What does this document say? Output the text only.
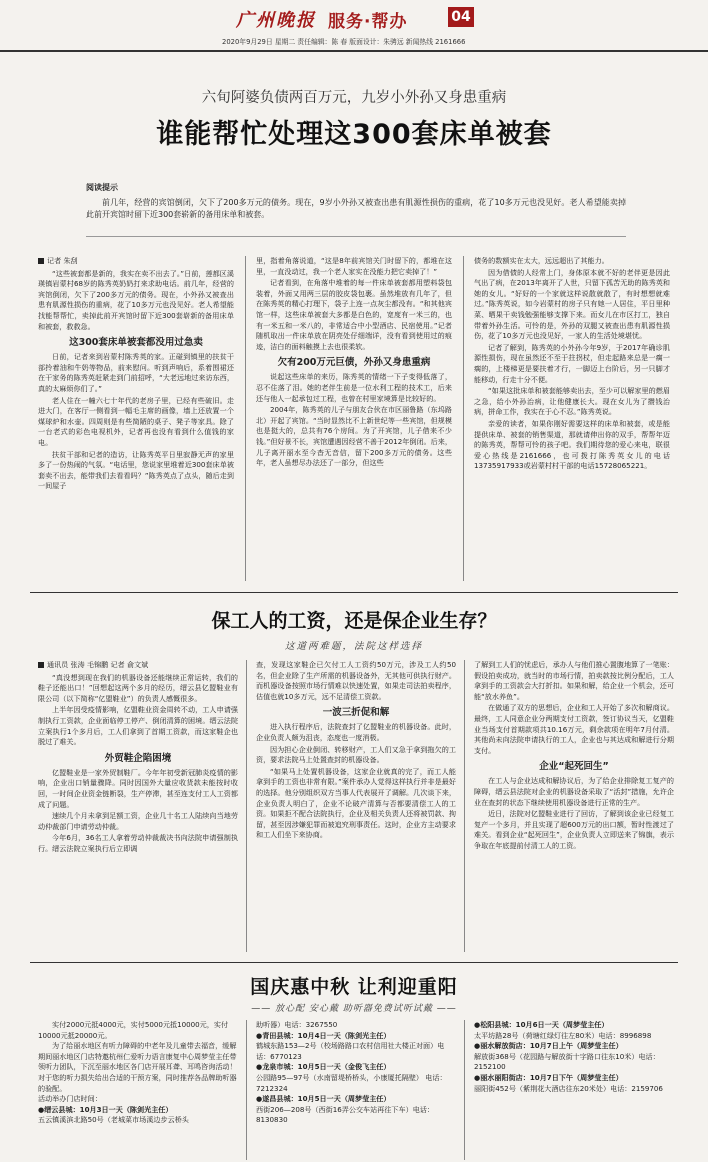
广州晚报 服务·帮办	04
2020年9月29日 星期二 责任编辑：陈 春 版面设计：朱骋远 新闻热线 2161666
六旬阿婆负债两百万元，九岁小外孙又身患重病
谁能帮忙处理这300套床单被套
阅读提示
前几年，经营的宾馆倒闭，欠下了200多万元的债务。现在，9岁小外孙又被查出患有肌源性损伤的重病，花了10多万元也没见好。老人希望能卖掉此前开宾馆时留下近300套崭新的备用床单和被套。

记者 朱刮

“这些被套都是新的，我实在卖不出去了。”日前，莲都区溪瑛镇岩蒙村68岁的陈秀英奶奶打来求助电话。前几年，经营的宾馆倒闭，欠下了200多万元的债务。现在，小外孙又被查出患有肌源性损伤的重病，花了10多万元也没见好。老人希望能找能帮帮忙，卖掉此前开宾馆时留下近300套崭新的备用床单和被套，救救急。

这300套床单被套都没用过急卖

日前，记者来到岩蒙村陈秀英的家。正碰到镇里的扶贫干部拎着油和牛奶等物品，前来慰问。听到声响后，系着围裙还在干家务的陈秀英赶紧走到门前招呼，“大老远地过来访东西，真的太麻烦你们了。”

老人住在一幢六七十年代的老房子里，已经有些破旧。走进大门，在客厅一侧看到一幅毛主席的画像，墙上还放置一个煤球炉和水壶。四周则是有些简陋的桌子、凳子等家具。除了一台老式的彩色电视机外，记者再也没有看到什么值钱的家电。

扶贫干部和记者的造访，让陈秀英平日里寂静无声的家里多了一份热闹的气氛。“电话里，您说家里堆着近300套床单被套卖不出去，能带我们去看看吗？”陈秀英点了点头，随后走到一间屋子

里，指着角落说道，“这是8年前宾馆关门时留下的，都堆在这里，一直没动过，我一个老人家实在没能力把它卖掉了！”

记者看到，在角落中堆着的每一件床单被套都用塑料袋包装着，外面又用两三层的胶皮袋包裹。虽然堆放有几年了，但在陈秀英的精心打理下，袋子上连一点灰尘都没有。“和其他宾馆一样，这些床单被套大多都是白色的，宽度有一米三的，也有一米五和一米八的，非常适合中小型酒店、民宿使用。”记者随机取出一件床单放在阴亮处仔细端详，没有看到使用过的痕迹，洁白的面料触摸上去也很柔软。

欠有200万元巨债，外孙又身患重病

说起这些床单的来历，陈秀英的情绪一下子变得低落了，忍不住落了泪。她的老伴生前是一位水利工程的技术工，后来还与他人一起承包过工程，也曾在村里家境算是比较好的。

2004年，陈秀英的儿子与朋友合伙在市区丽鲁路（东坞路北）开起了宾馆。“当时显然比不上新世纪等一些宾馆，但规模也是挺大的，总共有76个房间。为了开宾馆，儿子借来不少钱。”但好景不长，宾馆遭遇因经营不善于2012年倒闭。后来，儿子离开丽水至今杳无音信，留下200多万元的债务。这些年，老人虽想尽办法还了一部分，但这些

债务的数额实在太大，远远超出了其能力。

因为借债的人经常上门，身体原本就不好的老伴更是因此气出了病，在2013年离开了人世，只留下孤苦无助的陈秀英和她的女儿。“好好的一个家就这样说散就散了，有时想想就难过。”陈秀英说，如今岩蒙村的房子只有她一人居住，平日里种菜、晒果干卖钱勉强能够支撑下来。而女儿在市区打工，独自带着外孙生活。可怜的是，外孙的双腿又被查出患有肌源性损伤，花了10多万元也没见好，一家人的生活处境堪忧。

记者了解到，陈秀英的小外孙今年9岁，于2017年确诊肌源性损伤，现在虽然还不至于拄拐杖，但走起路来总是一瘸一瘸的，上楼梯更是要扶着才行，一脚迈上台阶后，另一只脚才能移动，行走十分不便。

“如果这批床单和被套能够卖出去，至少可以解家里的燃眉之急，给小外孙治病，让他健康长大。现在女儿为了攒钱治病，拼命工作，我实在于心不忍。”陈秀英说。

亲爱的读者，如果你刚好需要这样的床单和被套，或是能提供床单、被套的销售渠道，那就请伸出你的双手，帮帮年迈的陈秀英，帮帮可怜的孩子吧。我们期待您的爱心来电，联很爱心热线是2161666，也可拨打陈秀英女儿的电话13735917933或岩蒙村村干部的电话15728065221。

保工人的工资，还是保企业生存？
这道两难题，法院这样选择

通讯员 张涛 毛锦鹏 记者 俞文斌

“真没想到现在我们的机器设备还能继续正常运转，我们的鞋子还能出口！”回想起这两个多月的经历，缙云县亿盟鞋业有限公司（以下简称“亿盟鞋业”）的负责人感慨很多。

上半年因受疫情影响，亿盟鞋业资金周转不动，工人申请强制执行工资款，企业面临停工停产、倒闭清算的困境。缙云法院立案执行1个多月后，工人们拿到了首期工资款，而这家鞋企也脱过了难关。

外贸鞋企陷困境

亿盟鞋业是一家外贸制鞋厂。今年年初受新冠肺炎疫情的影响，企业出口销量骤降。同时因国外大量应收货款未能按时收回，一时间企业资金链断裂，生产停滞，甚至连支付工人工资都成了问题。

速续几个月未拿到足额工资，企业几十名工人陆续向当地劳动仲裁部门申请劳动仲裁。

今年6月，36名工人拿着劳动仲裁裁决书向法院申请强制执行。缙云法院立案执行后立即调

查，发现这家鞋企已欠付工人工资约50万元，涉及工人约50名，但企业除了生产所需的机器设备外，无其他可供执行财产。而机器设备按照市场行情难以快速处置，如果走司法拍卖程序，估值也就10多万元，远不足清偿工资款。

一波三折促和解

进入执行程序后，法院查封了亿盟鞋业的机器设备。此时，企业负责人颇为沮丧，态度也一度消极。

因为担心企业倒闭、转移财产，工人们又急于拿到拖欠的工资，要求法院马上处置查封的机器设备。

“如果马上处置机器设备，这家企业就真的完了，而工人能拿到手的工资也非常有限。”案件承办人觉得这样执行并非是最好的选择。他分别组织双方当事人代表展开了调解。几次谈下来，企业负责人明白了，企业不论破产清算与否都要清偿工人的工资。如果拒不配合法院执行，企业及相关负责人还将被罚款、拘留，甚至因涉嫌犯罪而被追究刑事责任。这时，企业方主动要求和工人们坐下来协商。

了解到工人们的忧虑后，承办人与他们推心置腹地算了一笔账：假设拍卖成功，就当时的市场行情，拍卖款按比例分配后，工人拿到手的工资款会大打折扣。如果和解，给企业一个机会，还可能“放水养鱼”。

在做通了双方的思想后，企业和工人开始了多次和解商议。最终，工人同意企业分两期支付工资款，签订协议当天，亿盟鞋业当场支付首期款项共10.16万元，剩余款项在明年7月付清。其他尚未向法院申请执行的工人，企业也与其达成和解进行分期支付。

企业“起死回生”

在工人与企业达成和解协议后，为了给企业排除复工复产的障碍，缙云县法院对企业的机器设备采取了“活封”措施，允许企业在查封的状态下继续使用机器设备进行正常的生产。

近日，法院对亿盟鞋业进行了回访，了解到该企业已经复工复产一个多月，并且实现了超600万元的出口额，暂时性渡过了难关。看到企业“起死回生”，企业负责人立即送来了锦旗，表示争取在年底提前付清工人的工资。

国庆惠中秋 让利迎重阳
—— 放心配 安心戴 助听器免费试听试戴 ——

实付2000元抵4000元，实付5000元抵10000元，实付10000元抵20000元。

为了给丽水地区有听力障碍的中老年及儿童带去福音，缓解期间丽水地区门店特邀杭州仁爱听力语言康复中心周梦莹主任带领听力团队，下沉至丽水地区各门店开展耳聋、耳鸣咨询活动！对于您的听力损失给出合适的干预方案，同时推荐各品牌助听器的验配。

活动举办门店时间：

●缙云县城：10月3日一天（陈剑光主任）

五云镇溪滨北路50号（老城菜市场溪边步云桥头

助听器）电话：3267550

●青田县城：10月4日一天（陈剑光主任）

鹤城东路153—2号（校场路路口农村信用社大楼正对面）电话：6770123

●龙泉市城：10月5日一天（金俊飞主任）

公园路95—97号（水南留堤桥桥头，小康厦托隔壁） 电话：7212324

●遂昌县城：10月5日一天（周梦莹主任）

西街206—208号（西街16弄公交车站再往下车）电话：8130830

●松阳县城：10月6日一天（周梦莹主任）

太平坊路28号（荷塘红绿灯往左80米）电话：8996898

●丽水解放街店：10月7日上午（周梦莹主任）

解放街368号（花园路与解放街十字路口往东10米）电话：2152100

●丽水丽阳街店：10月7日下午（周梦莹主任）

丽阳街452号（紫荆花大酒店往东20米处）电话：2159706
